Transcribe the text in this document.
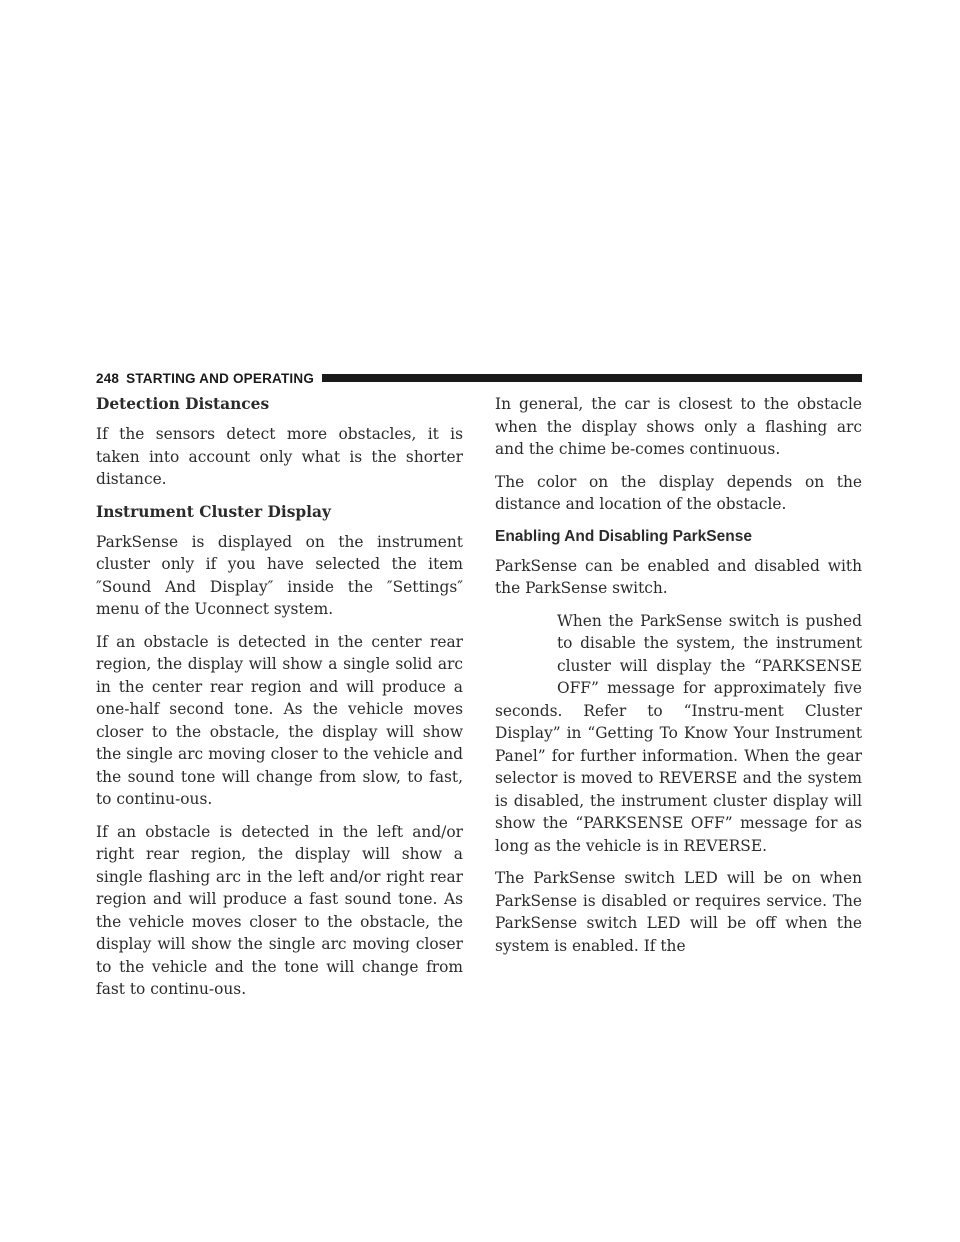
248 STARTING AND OPERATING
Detection Distances

If the sensors detect more obstacles, it is taken into account only what is the shorter distance.

Instrument Cluster Display

ParkSense is displayed on the instrument cluster only if you have selected the item ″Sound And Display″ inside the ″Settings″ menu of the Uconnect system.

If an obstacle is detected in the center rear region, the display will show a single solid arc in the center rear region and will produce a one-half second tone. As the vehicle moves closer to the obstacle, the display will show the single arc moving closer to the vehicle and the sound tone will change from slow, to fast, to continu-ous.

If an obstacle is detected in the left and/or right rear region, the display will show a single flashing arc in the left and/or right rear region and will produce a fast sound tone. As the vehicle moves closer to the obstacle, the display will show the single arc moving closer to the vehicle and the tone will change from fast to continu-ous.

In general, the car is closest to the obstacle when the display shows only a flashing arc and the chime be-comes continuous.

The color on the display depends on the distance and location of the obstacle.

Enabling And Disabling ParkSense

ParkSense can be enabled and disabled with the ParkSense switch.

When the ParkSense switch is pushed to disable the system, the instrument cluster will display the “PARKSENSE OFF” message for approximately five seconds. Refer to “Instru-ment Cluster Display” in “Getting To Know Your Instrument Panel” for further information. When the gear selector is moved to REVERSE and the system is disabled, the instrument cluster display will show the “PARKSENSE OFF” message for as long as the vehicle is in REVERSE.

The ParkSense switch LED will be on when ParkSense is disabled or requires service. The ParkSense switch LED will be off when the system is enabled. If the
